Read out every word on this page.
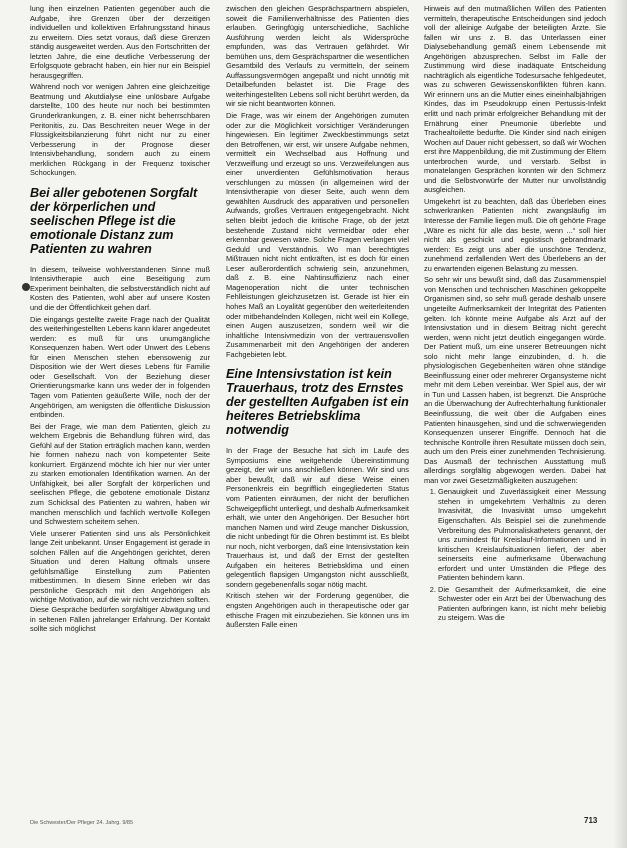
lung ihen einzelnen Patienten gegenüber auch die Aufgabe, ihre Grenzen über der derzeitigen individuellen und kollektiven Erfahrungsstand hinaus zu erweitern. Dies setzt voraus, daß diese Grenzen ständig ausgeweitet werden. Aus den Fortschritten der letzten Jahre, die eine deutliche Verbesserung der Erfolgsquote gebracht haben, ein hier nur ein Beispiel herausgegriffen.

Während noch vor wenigen Jahren eine gleichzeitige Beatmung und Akutdialyse eine unlösbare Aufgabe darstellte, 100 des heute nur noch bei bestimmten Grunderkrankungen, z. B. einer nicht beherrschbaren Peritonitis, zu. Das Beschreiten neuer Wege in der Flüssigkeitsbilanzierung führt nicht nur zu einer Verbesserung in der Prognose dieser Intensivbehandlung, sondern auch zu einem merklichen Rückgang in der Frequenz toxischer Schockungen.

Bei aller gebotenen Sorgfalt der körperlichen und seelischen Pflege ist die emotionale Distanz zum Patienten zu wahren

In diesem, teilweise wohlverstandenen Sinne muß Intensivtherapie auch eine Beseitigung zum Experiment beinhalten, die selbstverständlich nicht auf Kosten des Patienten, wohl aber auf unsere Kosten und die der Öffentlichkeit gehen darf.

Die eingangs gestellte zweite Frage nach der Qualität des weiterhingestellten Lebens kann klarer angedeutet werden: es muß für uns unumgängliche Konsequenzen haben. Wert oder Unwert des Lebens für einen Menschen stehen ebensowenig zur Disposition wie der Wert dieses Lebens für Familie oder Gesellschaft. Von der Beziehung dieser Orientierungsmarke kann uns weder der in folgenden Tagen vom Patienten geäußerte Wille, noch der der Angehörigen, am wenigsten die öffentliche Diskussion entbinden.

Bei der Frage, wie man dem Patienten, gleich zu welchem Ergebnis die Behandlung führen wird, das Gefühl auf der Station erträglich machen kann, werden hie formen nahezu nach von kompetenter Seite konkurriert. Ergänzend möchte ich hier nur vier unter zu starken emotionalen Identifikation warnen. An der Unfähigkeit, bei aller Sorgfalt der körperlichen und seelischen Pflege, die gebotene emotionale Distanz zum Schicksal des Patienten zu wahren, haben wir manchen menschlich und fachlich wertvolle Kollegen und Schwestern scheitern sehen.

Viele unserer Patienten sind uns als Persönlichkeit lange Zeit unbekannt. Unser Engagement ist gerade in solchen Fällen auf die Angehörigen gerichtet, deren Situation und deren Haltung oftmals unsere gefühlsmäßige Einstellung zum Patienten mitbestimmen. In diesem Sinne erleben wir das persönliche Gespräch mit den Angehörigen als wichtige Motivation, auf die wir nicht verzichten sollten. Diese Gespräche bedürfen sorgfältiger Abwägung und in seltenen Fällen jahrelanger Erfahrung. Der Kontakt sollte sich möglichst

zwischen den gleichen Gesprächspartnern abspielen, soweit die Familienverhältnisse des Patienten dies erlauben. Geringfügig unterschiedliche, Sachliche Ausführung werden leicht als Widersprüche empfunden, was das Vertrauen gefährdet. Wir bemühen uns, dem Gesprächspartner die wesentlichen Gesamtbild des Verlaufs zu vermitteln, der seinem Auffassungsvermögen angepaßt und nicht unnötig mit Detailbefunden belastet ist. Die Frage des weiterhingestellten Lebens soll nicht berührt werden, da wir sie nicht beantworten können.

Die Frage, was wir einem der Angehörigen zumuten oder zur die Möglichkeit vorsichtiger Veränderungen hingewiesen. Ein legitimer Zweckbestimmungs setzt den Betroffenen, wir erst, wir unsere Aufgabe nehmen, vermittelt ein Wechselbad aus Hoffnung und Verzweiflung und erzeugt so uns. Verzweifelungen aus einer unverdienten Gefühlsmotivation heraus verschlungen zu müssen (in allgemeinen wird der Intensivtherapie von dieser Seite, auch wenn dem gewählten Ausdruck des apparativen und personellen Aufwands, großes Vertrauen entgegengebracht. Nicht selten bleibt jedoch die kritische Frage, ob der jetzt bestehende Zustand nicht vermeidbar oder eher erkennbar gewesen wäre. Solche Fragen verlangen viel Geduld und Verständnis. Wo man berechtigtes Mißtrauen nicht nicht entkräften, ist es doch für einen Leser außerordentlich schwierig sein, anzunehmen, daß z. B. eine Nahtinsuffizienz nach einer Magenoperation nicht die unter technischen Fehlleistungen gleichzusetzen ist. Gerade ist hier ein hohes Maß an Loyalität gegenüber den weiterleitenden oder mitbehandelnden Kollegen, nicht weil ein Kollege, einen Augen auszusetzen, sondern weil wir die inhaltliche Intensivmedizin von der vertrauensvollen Zusammenarbeit mit den Angehörigen der anderen Fachgebieten lebt.

Eine Intensivstation ist kein Trauerhaus, trotz des Ernstes der gestellten Aufgaben ist ein heiteres Betriebsklima notwendig

In der Frage der Besuche hat sich im Laufe des Symposiums eine weitgehende Übereinstimmung gezeigt, der wir uns anschließen können. Wir sind uns aber bewußt, daß wir auf diese Weise einen Personenkreis ein begrifflich eingegliederten Status vom Patienten einräumen, der nicht der beruflichen Schweigepflicht unterliegt, und deshalb Aufmerksamkeit erhält, wie unter den Angehörigen. Der Besucher hört manchen Namen und wird Zeuge mancher Diskussion, die nicht unbedingt für die Ohren bestimmt ist. Es bleibt nur noch, nicht verborgen, daß eine Intensivstation kein Trauerhaus ist, und daß der Ernst der gestellten Aufgaben ein heiteres Betriebsklima und einen gelegentlich flapsigen Umgangston nicht ausschließt, sondern gegebenenfalls sogar nötig macht.

Kritisch stehen wir der Forderung gegenüber, die engsten Angehörigen auch in therapeutische oder gar ethische Fragen mit einzubeziehen. Sie können uns im äußersten Falle einen

Hinweis auf den mutmaßlichen Willen des Patienten vermitteln, therapeutische Entscheidungen sind jedoch voll der alleinige Aufgabe der beteiligten Ärzte. Sie fallen wir uns z. B. das Unterlassen einer Dialysebehandlung gemäß einem Lebensende mit Angehörigen abzusprechen. Selbst im Falle der Zustimmung wird diese inadäquate Entscheidung nachträglich als eigentliche Todesursache fehlgedeutet, was zu schweren Gewissenskonflikten führen kann. Wir erinnern uns an die Mutter eines eineinhalbjährigen Kindes, das im Pseudokrupp einen Pertussis-Infekt erlitt und nach primär erfolgreicher Behandlung mit der Ernährung einer Pneumonie überlebte und Trachealtoilette bedurfte. Die Kinder sind nach einigen Wochen auf Dauer nicht gebessert, so daß wir Wochen erst ihre Mappenbildung, die mit Zustimmung der Eltern unterbrochen wurde, und verstarb. Selbst in monatelangen Gesprächen konnten wir den Schmerz und die Selbstvorwürfe der Mutter nur unvollständig ausgleichen.

Umgekehrt ist zu beachten, daß das Überleben eines schwerkranken Patienten nicht zwangsläufig im Interesse der Familie liegen muß. Die oft gehörte Frage „Wäre es nicht für alle das beste, wenn ...“ soll hier nicht als geschickt und egoistisch gebrandmarkt werden: Es zeigt uns aber die unschöne Tendenz, zunehmend zerfallenden Wert des Überlebens an der zu erwartenden eigenen Belastung zu messen.

So sehr wir uns bewußt sind, daß das Zusammenspiel von Menschen und technischen Maschinen gekoppelte Organismen sind, so sehr muß gerade deshalb unsere ungeteilte Aufmerksamkeit der Integrität des Patienten gelten. Ich könnte meine Aufgabe als Arzt auf der Intensivstation und in diesem Beitrag nicht gerecht werden, wenn nicht jetzt deutlich eingegangen würde. Der Patient muß, um eine unserer Betreuungen nicht solo nicht mehr lange einzubinden, d. h. die physiologischen Gegebenheiten wären ohne ständige Beeinflussung einer oder mehrerer Organsysteme nicht mehr mit dem Leben vereinbar. Wer Spiel aus, der wir in Tun und Lassen haben, ist begrenzt. Die Ansprüche an die Überwachung der Aufrechterhaltung funktionaler Beeinflussung, die weit über die Aufgaben eines Patienten hinausgehen, sind und die schwerwiegenden Konsequenzen unserer Eingriffe. Dennoch hat die technische Kontrolle ihren Resultate müssen doch sein, auch um den Preis einer zunehmenden Technisierung. Das Ausmaß der technischen Ausstattung muß allerdings sorgfältig abgewogen werden. Dabei hat man vor zwei Gesetzmäßigkeiten auszugehen:

1. Genauigkeit und Zuverlässigkeit einer Messung stehen in umgekehrtem Verhältnis zu deren Invasivität, die Invasivität umso umgekehrt Eigenschaften. Als Beispiel sei die zunehmende Verbreitung des Pulmonaliskatheters genannt, der uns zumindest für Kreislauf-Informationen und in kritischen Kreislaufsituationen liefert, der aber seinerseits eine aufmerksame Überwachung erfordert und unter Umständen die Pflege des Patienten behindern kann.
2. Die Gesamtheit der Aufmerksamkeit, die eine Schwester oder ein Arzt bei der Überwachung des Patienten aufbringen kann, ist nicht mehr beliebig zu steigern. Was die
Die Schwester/Der Pfleger 24. Jahrg. 9/85	713
